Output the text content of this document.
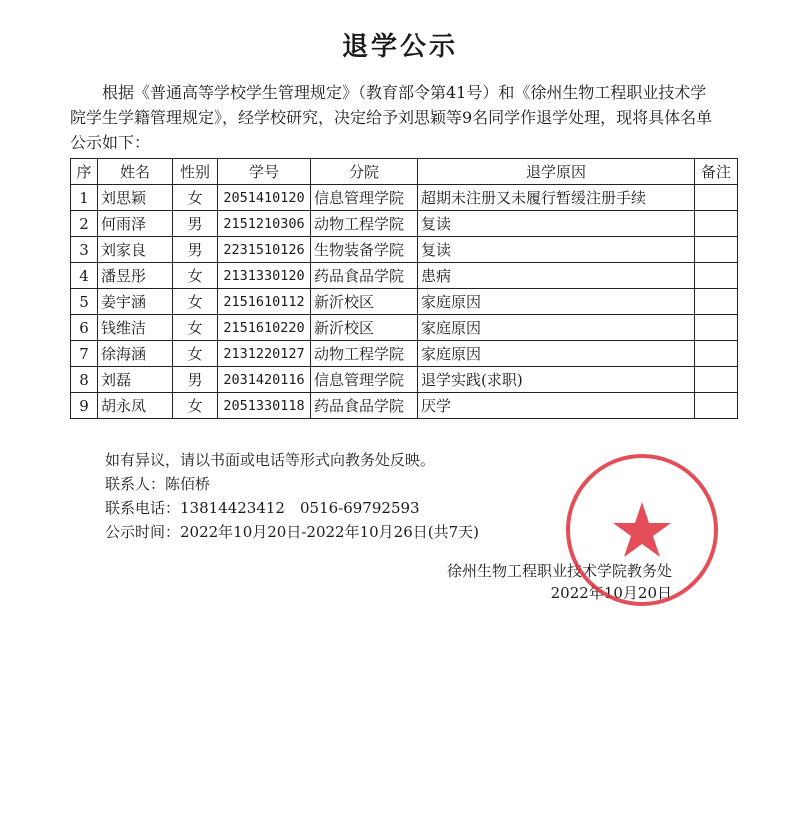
退学公示

根据《普通高等学校学生管理规定》（教育部令第41号）和《徐州生物工程职业技术学院学生学籍管理规定》，经学校研究，决定给予刘思颖等9名同学作退学处理，现将具体名单公示如下：

序	姓名	性别	学号	分院	退学原因	备注
1	刘思颖	女	2051410120	信息管理学院	超期未注册又未履行暂缓注册手续	
2	何雨泽	男	2151210306	动物工程学院	复读	
3	刘家良	男	2231510126	生物装备学院	复读	
4	潘昱彤	女	2131330120	药品食品学院	患病	
5	姜宇涵	女	2151610112	新沂校区	家庭原因	
6	钱维洁	女	2151610220	新沂校区	家庭原因	
7	徐海涵	女	2131220127	动物工程学院	家庭原因	
8	刘磊	男	2031420116	信息管理学院	退学实践(求职)	
9	胡永凤	女	2051330118	药品食品学院	厌学	
如有异议，请以书面或电话等形式向教务处反映。
联系人：陈佰桥
联系电话：13814423412　0516-69792593
公示时间：2022年10月20日-2022年10月26日(共7天)
徐州生物工程职业技术学院教务处
2022年10月20日
